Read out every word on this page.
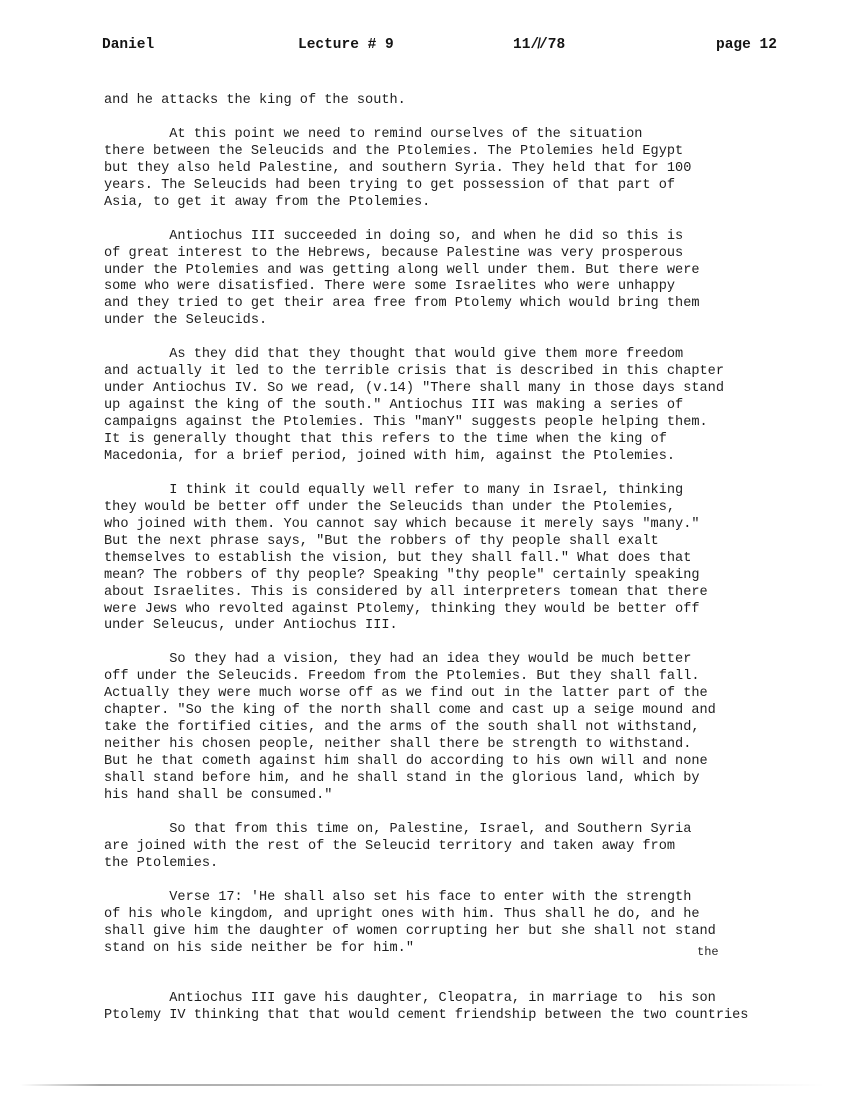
Daniel	Lecture # 9	11/̸/78	page 12
and he attacks the king of the south.
At this point we need to remind ourselves of the situation
there between the Seleucids and the Ptolemies. The Ptolemies held Egypt
but they also held Palestine, and southern Syria. They held that for 100
years. The Seleucids had been trying to get possession of that part of
Asia, to get it away from the Ptolemies.
Antiochus III succeeded in doing so, and when he did so this is
of great interest to the Hebrews, because Palestine was very prosperous
under the Ptolemies and was getting along well under them. But there were
some who were disatisfied. There were some Israelites who were unhappy
and they tried to get their area free from Ptolemy which would bring them
under the Seleucids.
As they did that they thought that would give them more freedom
and actually it led to the terrible crisis that is described in this chapter
under Antiochus IV. So we read, (v.14) "There shall many in those days stand
up against the king of the south." Antiochus III was making a series of
campaigns against the Ptolemies. This "manY" suggests people helping them.
It is generally thought that this refers to the time when the king of
Macedonia, for a brief period, joined with him, against the Ptolemies.
I think it could equally well refer to many in Israel, thinking
they would be better off under the Seleucids than under the Ptolemies,
who joined with them. You cannot say which because it merely says "many."
But the next phrase says, "But the robbers of thy people shall exalt
themselves to establish the vision, but they shall fall." What does that
mean? The robbers of thy people? Speaking "thy people" certainly speaking
about Israelites. This is considered by all interpreters tomean that there
were Jews who revolted against Ptolemy, thinking they would be better off
under Seleucus, under Antiochus III.
So they had a vision, they had an idea they would be much better
off under the Seleucids. Freedom from the Ptolemies. But they shall fall.
Actually they were much worse off as we find out in the latter part of the
chapter. "So the king of the north shall come and cast up a seige mound and
take the fortified cities, and the arms of the south shall not withstand,
neither his chosen people, neither shall there be strength to withstand.
But he that cometh against him shall do according to his own will and none
shall stand before him, and he shall stand in the glorious land, which by
his hand shall be consumed."
So that from this time on, Palestine, Israel, and Southern Syria
are joined with the rest of the Seleucid territory and taken away from
the Ptolemies.
Verse 17: 'He shall also set his face to enter with the strength
of his whole kingdom, and upright ones with him. Thus shall he do, and he
shall give him the daughter of women corrupting her but she shall not stand
stand on his side neither be for him."
Antiochus III gave his daughter, Cleopatra, in marriage to  his son
Ptolemy IV thinking that that would cement friendship between the two countries
the
